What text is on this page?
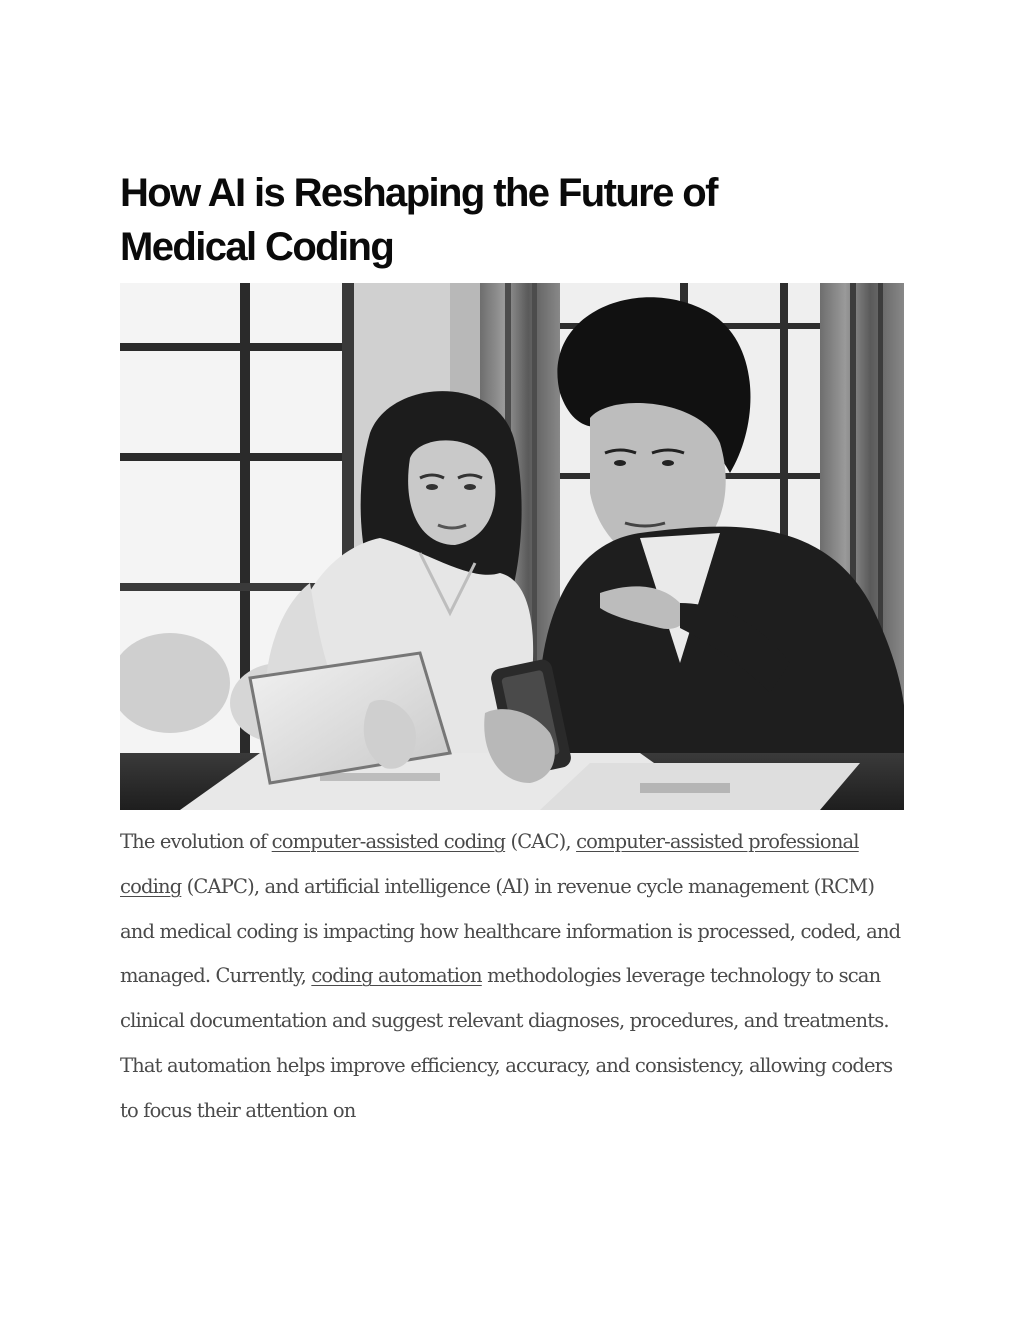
How AI is Reshaping the Future of
Medical Coding

The evolution of computer-assisted coding (CAC), computer-assisted professional coding (CAPC), and artificial intelligence (AI) in revenue cycle management (RCM) and medical coding is impacting how healthcare information is processed, coded, and managed. Currently, coding automation methodologies leverage technology to scan clinical documentation and suggest relevant diagnoses, procedures, and treatments. That automation helps improve efficiency, accuracy, and consistency, allowing coders to focus their attention on
